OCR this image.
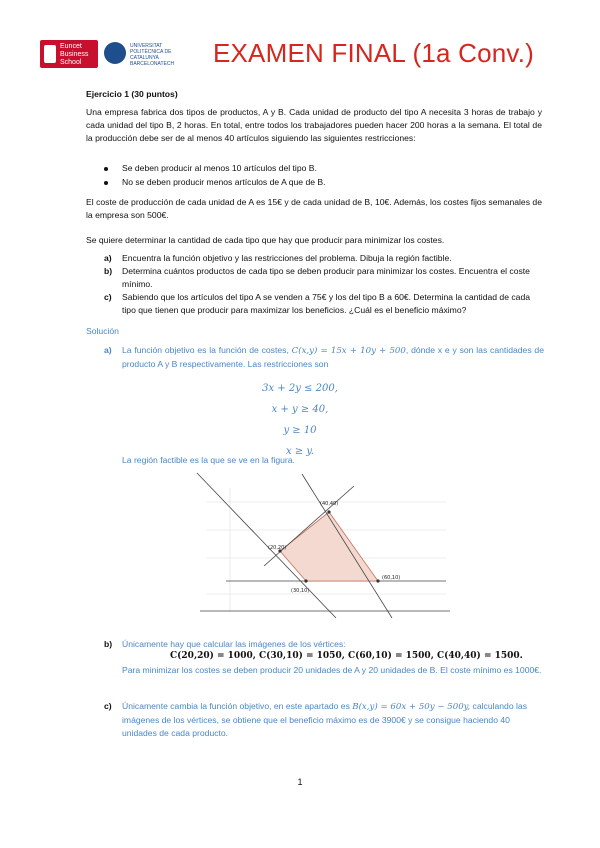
Euncet Business School
UNIVERSITAT POLITÈCNICA DE CATALUNYA BARCELONATECH	EXAMEN FINAL (1a Conv.)
Ejercicio 1 (30 puntos)
Una empresa fabrica dos tipos de productos, A y B. Cada unidad de producto del tipo A necesita 3 horas de trabajo y cada unidad del tipo B, 2 horas. En total, entre todos los trabajadores pueden hacer 200 horas a la semana. El total de la producción debe ser de al menos 40 artículos siguiendo las siguientes restricciones:
Se deben producir al menos 10 artículos del tipo B.
No se deben producir menos artículos de A que de B.
El coste de producción de cada unidad de A es 15€ y de cada unidad de B, 10€. Además, los costes fijos semanales de la empresa son 500€.
Se quiere determinar la cantidad de cada tipo que hay que producir para minimizar los costes.
a) Encuentra la función objetivo y las restricciones del problema. Dibuja la región factible.
b) Determina cuántos productos de cada tipo se deben producir para minimizar los costes. Encuentra el coste mínimo.
c) Sabiendo que los artículos del tipo A se venden a 75€ y los del tipo B a 60€. Determina la cantidad de cada tipo que tienen que producir para maximizar los beneficios. ¿Cuál es el beneficio máximo?
Solución
a) La función objetivo es la función de costes, C(x,y) = 15x + 10y + 500, dónde x e y son las cantidades de producto A y B respectivamente. Las restricciones son
3x + 2y ≤ 200,
x + y ≥ 40,
y ≥ 10
x ≥ y.
La región factible es la que se ve en la figura.
(40,40)
(20,20)
(30,10)
(60,10)
b) Únicamente hay que calcular las imágenes de los vértices:
C(20,20) = 1000, C(30,10) = 1050, C(60,10) = 1500, C(40,40) = 1500.
Para minimizar los costes se deben producir 20 unidades de A y 20 unidades de B. El coste mínimo es 1000€.
c) Únicamente cambia la función objetivo, en este apartado es B(x,y) = 60x + 50y − 500y, calculando las imágenes de los vértices, se obtiene que el beneficio máximo es de 3900€ y se consigue haciendo 40 unidades de cada producto.
1
